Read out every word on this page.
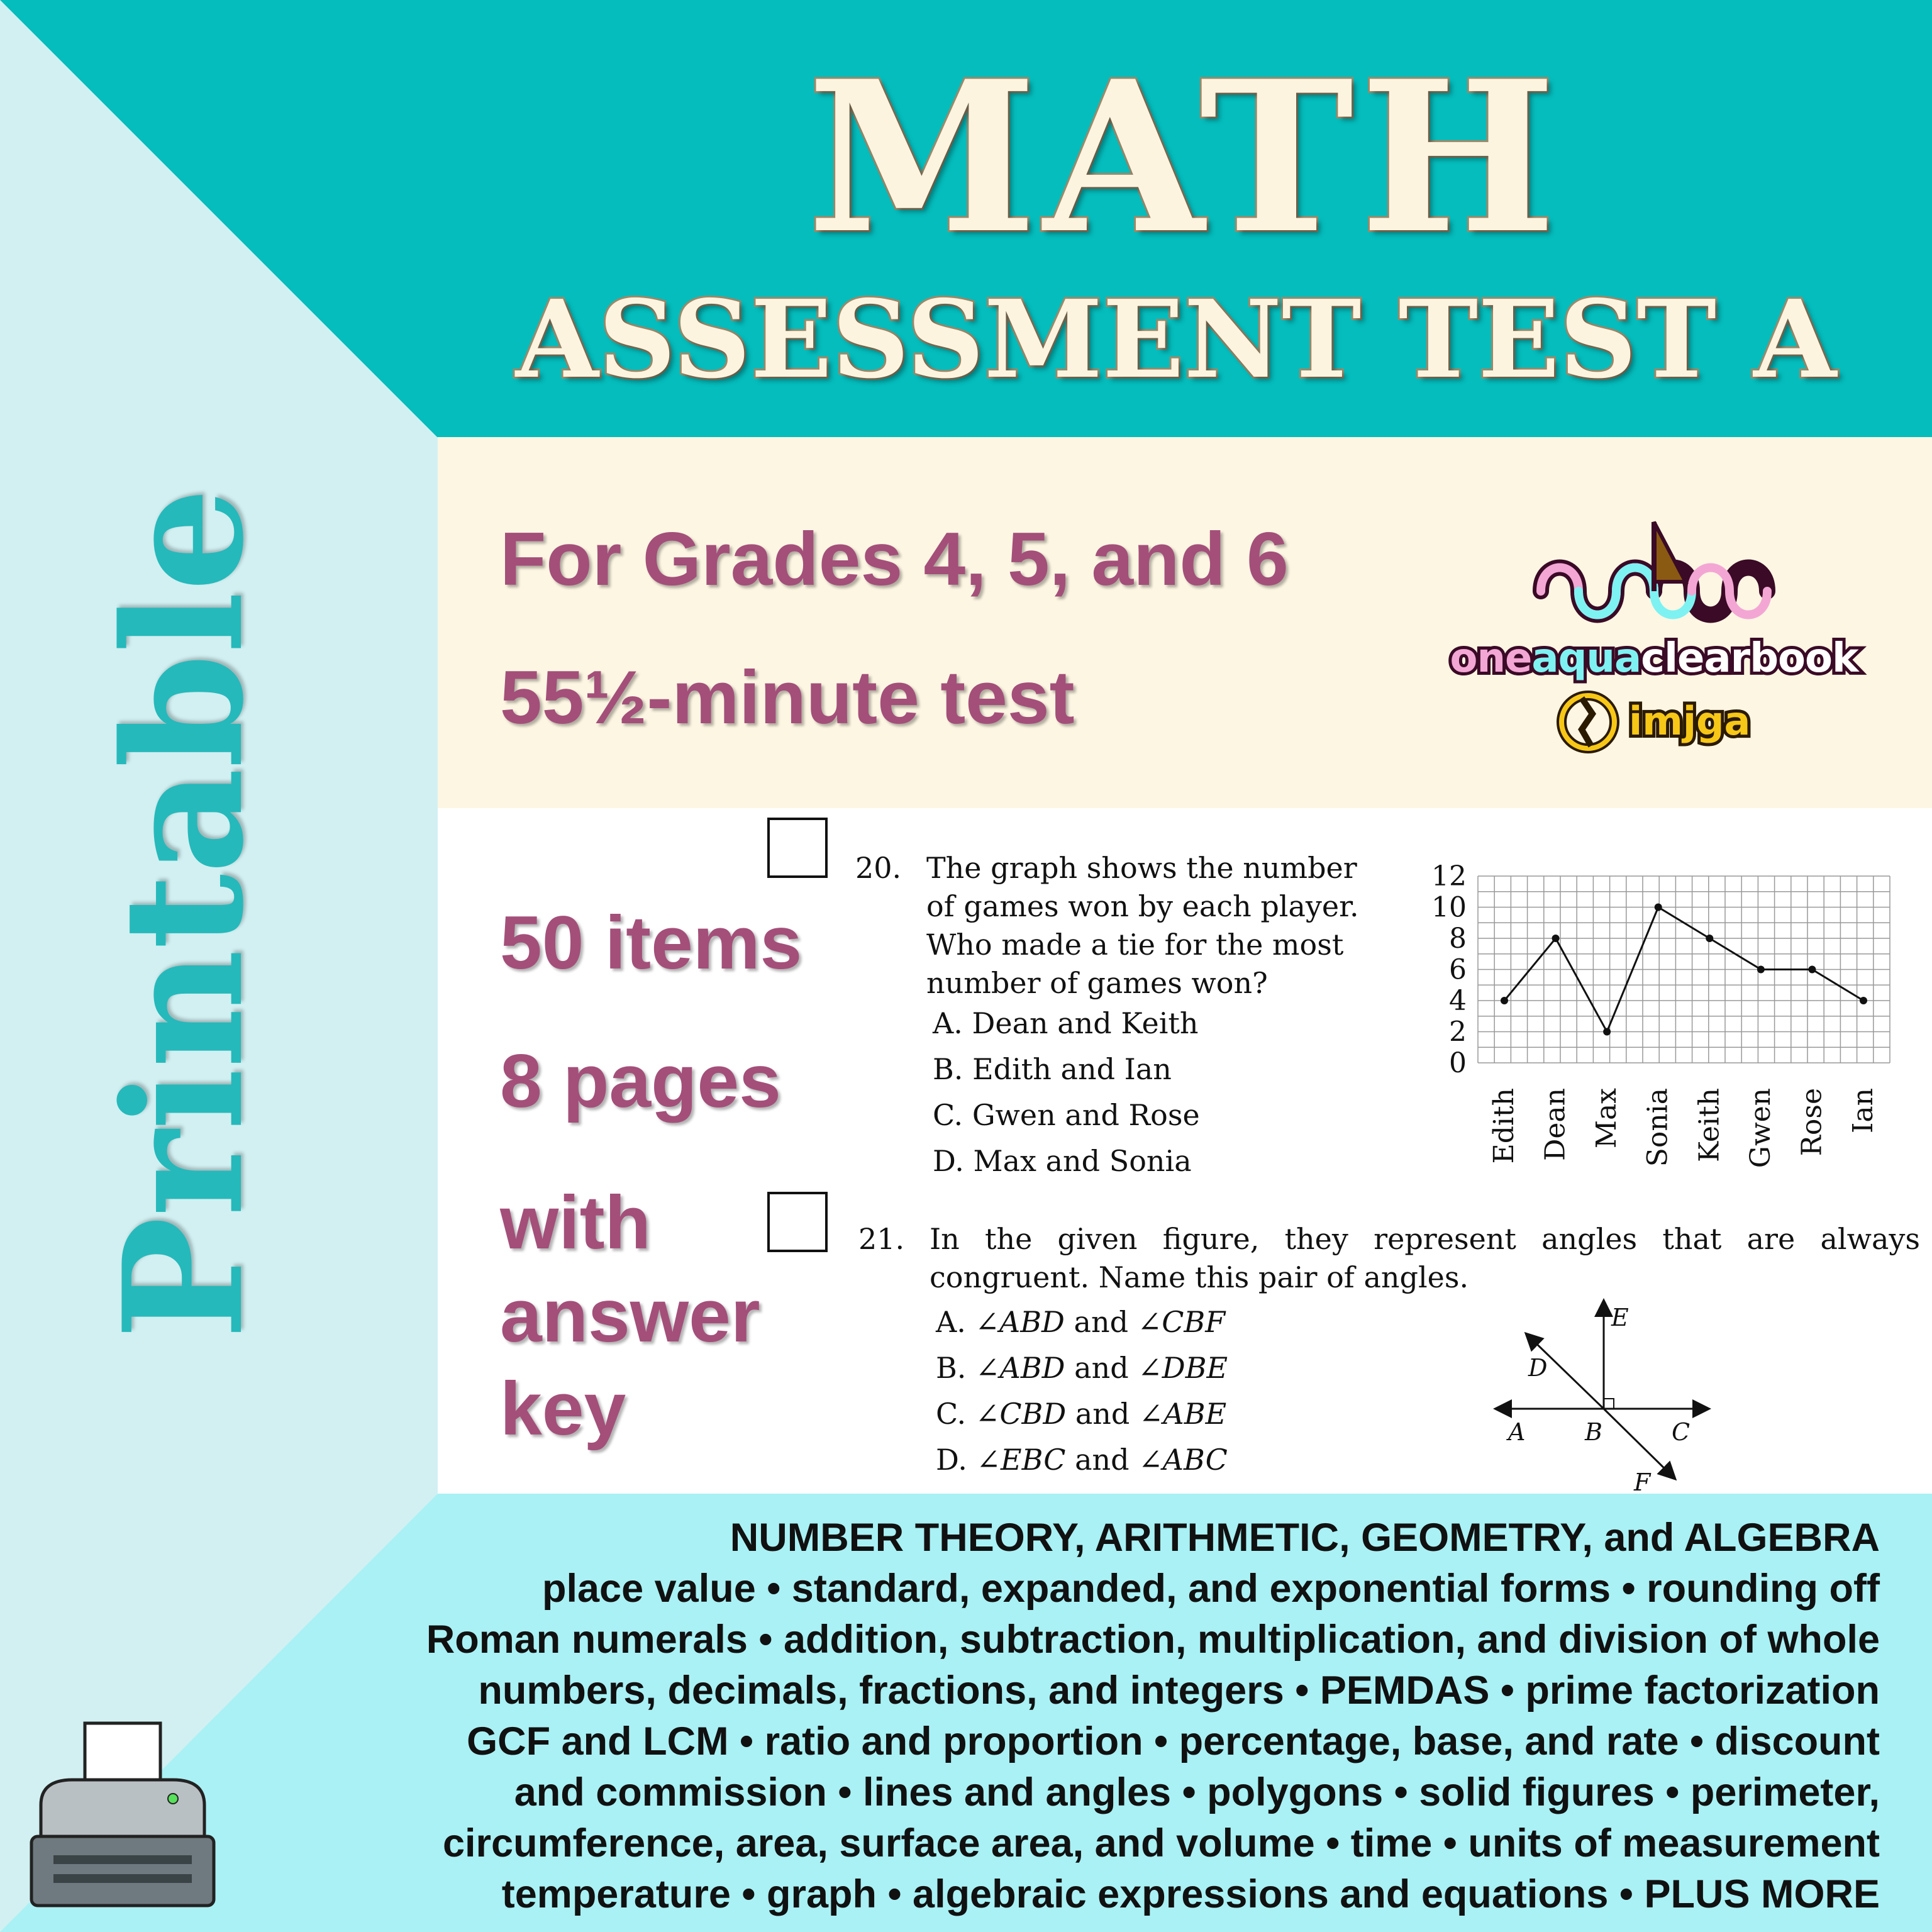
MATH
ASSESSMENT TEST A
Printable	For Grades 4, 5, and 6
55½-minute test
50 items
8 pages
with answer key
oneaquaclearbook
imjga
20. The graph shows the number of games won by each player. Who made a tie for the most number of games won?
A. Dean and Keith
B. Edith and Ian
C. Gwen and Rose
D. Max and Sonia
12
10
8
6
4
2
0
Edith Dean Max Sonia Keith Gwen Rose Ian
21. In the given figure, they represent angles that are always congruent. Name this pair of angles.
A. ∠ABD and ∠CBF
B. ∠ABD and ∠DBE
C. ∠CBD and ∠ABE
D. ∠EBC and ∠ABC
E
D
A B	C
F
NUMBER THEORY, ARITHMETIC, GEOMETRY, and ALGEBRA
place value • standard, expanded, and exponential forms • rounding off
Roman numerals • addition, subtraction, multiplication, and division of whole
numbers, decimals, fractions, and integers • PEMDAS • prime factorization
GCF and LCM • ratio and proportion • percentage, base, and rate • discount
and commission • lines and angles • polygons • solid figures • perimeter,
circumference, area, surface area, and volume • time • units of measurement
temperature • graph • algebraic expressions and equations • PLUS MORE
